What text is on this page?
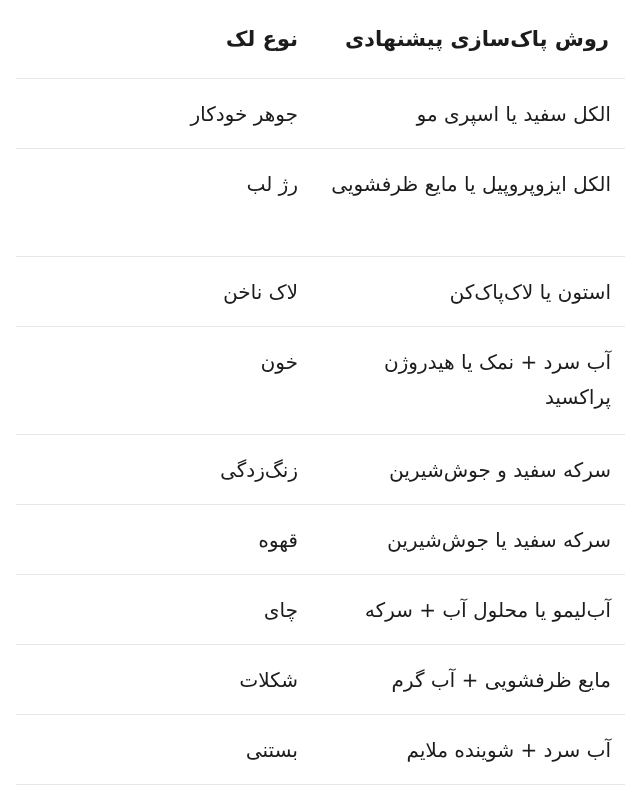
روش پاک‌سازی پیشنهادی
نوع لک
الکل سفید یا اسپری مو
جوهر خودکار
الکل ایزوپروپیل یا مایع ظرفشویی
رژ لب
استون یا لاک‌پاک‌کن
لاک ناخن
آب سرد + نمک یا هیدروژن پراکسید
خون
سرکه سفید و جوش‌شیرین
زنگ‌زدگی
سرکه سفید یا جوش‌شیرین
قهوه
آب‌لیمو یا محلول آب + سرکه
چای
مایع ظرفشویی + آب گرم
شکلات
آب سرد + شوینده ملایم
بستنی
